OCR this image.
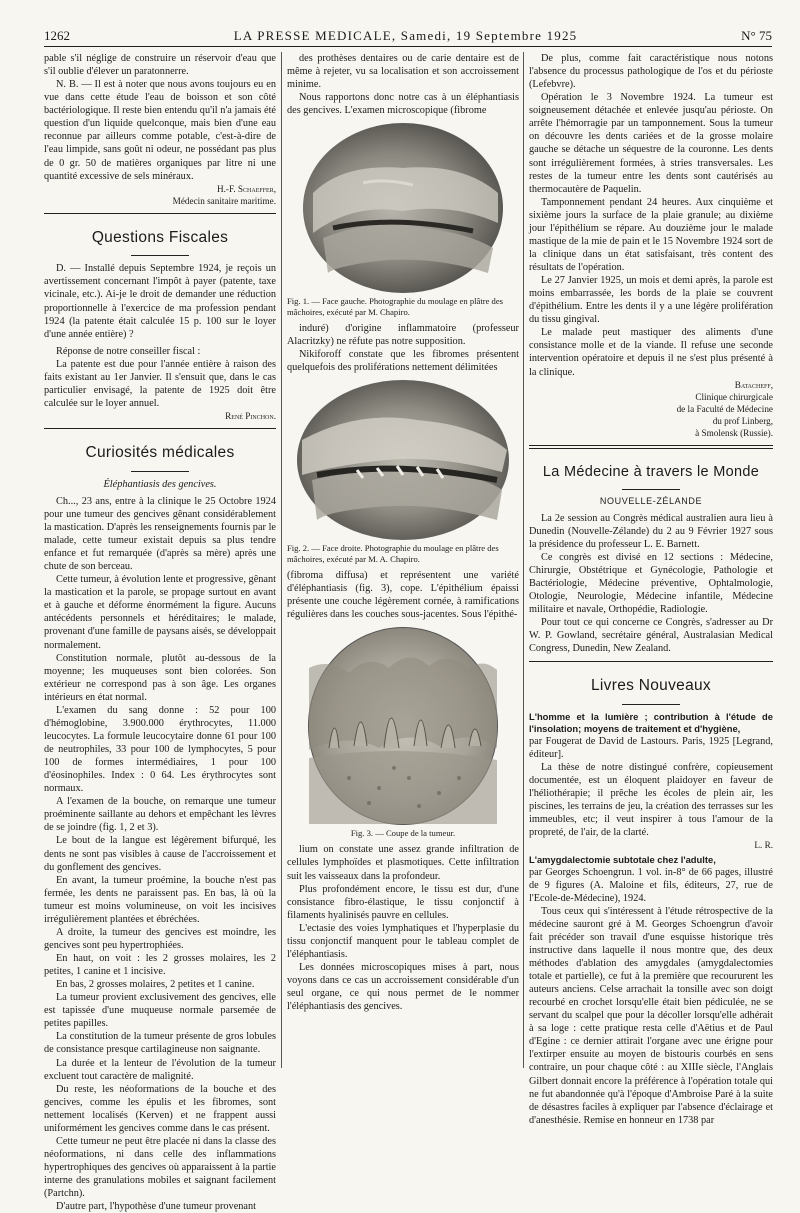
1262	LA PRESSE MEDICALE, Samedi, 19 Septembre 1925	N° 75

pable s'il néglige de construire un réservoir d'eau que s'il oublie d'élever un paratonnerre.

N. B. — Il est à noter que nous avons toujours eu en vue dans cette étude l'eau de boisson et son côté bactériologique. Il reste bien entendu qu'il n'a jamais été question d'un liquide quelconque, mais bien d'une eau reconnue par ailleurs comme potable, c'est-à-dire de l'eau limpide, sans goût ni odeur, ne possédant pas plus de 0 gr. 50 de matières organiques par litre ni une quantité excessive de sels minéraux.

H.-F. Schaeffer,
Médecin sanitaire maritime.
Questions Fiscales

D. — Installé depuis Septembre 1924, je reçois un avertissement concernant l'impôt à payer (patente, taxe vicinale, etc.). Ai-je le droit de demander une réduction proportionnelle à l'exercice de ma profession pendant 1924 (la patente était calculée 15 p. 100 sur le loyer d'une année entière) ?

Réponse de notre conseiller fiscal :

La patente est due pour l'année entière à raison des faits existant au 1er Janvier. Il s'ensuit que, dans le cas particulier envisagé, la patente de 1925 doit être calculée sur le loyer annuel.

René Pinchon.
Curiosités médicales
Éléphantiasis des gencives.

Ch..., 23 ans, entre à la clinique le 25 Octobre 1924 pour une tumeur des gencives gênant considérablement la mastication. D'après les renseignements fournis par le malade, cette tumeur existait depuis sa plus tendre enfance et fut remarquée (d'après sa mère) après une chute de son berceau.

Cette tumeur, à évolution lente et progressive, gênant la mastication et la parole, se propage surtout en avant et à gauche et déforme énormément la figure. Aucuns antécédents personnels et héréditaires; le malade, provenant d'une famille de paysans aisés, se développait normalement.

Constitution normale, plutôt au-dessous de la moyenne; les muqueuses sont bien colorées. Son extérieur ne correspond pas à son âge. Les organes intérieurs en état normal.

L'examen du sang donne : 52 pour 100 d'hémoglobine, 3.900.000 érythrocytes, 11.000 leucocytes. La formule leucocytaire donne 61 pour 100 de neutrophiles, 33 pour 100 de lymphocytes, 5 pour 100 de formes intermédiaires, 1 pour 100 d'éosinophiles. Index : 0 64. Les érythrocytes sont normaux.

A l'examen de la bouche, on remarque une tumeur proéminente saillante au dehors et empêchant les lèvres de se joindre (fig. 1, 2 et 3).

Le bout de la langue est légèrement bifurqué, les dents ne sont pas visibles à cause de l'accroissement et du gonflement des gencives.

En avant, la tumeur proémine, la bouche n'est pas fermée, les dents ne paraissent pas. En bas, là où la tumeur est moins volumineuse, on voit les incisives irrégulièrement plantées et ébréchées.

A droite, la tumeur des gencives est moindre, les gencives sont peu hypertrophiées.

En haut, on voit : les 2 grosses molaires, les 2 petites, 1 canine et 1 incisive.

En bas, 2 grosses molaires, 2 petites et 1 canine.

La tumeur provient exclusivement des gencives, elle est tapissée d'une muqueuse normale parsemée de petites papilles.

La constitution de la tumeur présente de gros lobules de consistance presque cartilagineuse non saignante.

La durée et la lenteur de l'évolution de la tumeur excluent tout caractère de malignité.

Du reste, les néoformations de la bouche et des gencives, comme les épulis et les fibromes, sont nettement localisés (Kerven) et ne frappent aussi uniformément les gencives comme dans le cas présent.

Cette tumeur ne peut être placée ni dans la classe des néoformations, ni dans celle des inflammations hypertrophiques des gencives où apparaissent à la partie interne des granulations mobiles et saignant facilement (Partchn).

D'autre part, l'hypothèse d'une tumeur provenant

des prothèses dentaires ou de carie dentaire est de même à rejeter, vu sa localisation et son accroissement minime.

Nous rapportons donc notre cas à un éléphantiasis des gencives. L'examen microscopique (fibrome

Fig. 1. — Face gauche. Photographie du moulage en plâtre des mâchoires, exécuté par M. Chapiro.

induré) d'origine inflammatoire (professeur Alacritzky) ne réfute pas notre supposition.

Nikiforoff constate que les fibromes présentent quelquefois des proliférations nettement délimitées

Fig. 2. — Face droite. Photographie du moulage en plâtre des mâchoires, exécuté par M. A. Chapiro.

(fibroma diffusa) et représentent une variété d'éléphantiasis (fig. 3), cope. L'épithélium épaissi présente une couche légèrement cornée, à ramifications régulières dans les couches sous-jacentes. Sous l'épithé-

Fig. 3. — Coupe de la tumeur.

lium on constate une assez grande infiltration de cellules lymphoïdes et plasmotiques. Cette infiltration suit les vaisseaux dans la profondeur.

Plus profondément encore, le tissu est dur, d'une consistance fibro-élastique, le tissu conjonctif à filaments hyalinisés pauvre en cellules.

L'ectasie des voies lymphatiques et l'hyperplasie du tissu conjonctif manquent pour le tableau complet de l'éléphantiasis.

Les données microscopiques mises à part, nous voyons dans ce cas un accroissement considérable d'un seul organe, ce qui nous permet de le nommer l'éléphantiasis des gencives.

De plus, comme fait caractéristique nous notons l'absence du processus pathologique de l'os et du périoste (Lefebvre).

Opération le 3 Novembre 1924. La tumeur est soigneusement détachée et enlevée jusqu'au périoste. On arrête l'hémorragie par un tamponnement. Sous la tumeur on découvre les dents cariées et de la grosse molaire gauche se détache un séquestre de la couronne. Les dents sont irrégulièrement formées, à stries transversales. Les restes de la tumeur entre les dents sont cautérisés au thermocautère de Paquelin.

Tamponnement pendant 24 heures. Aux cinquième et sixième jours la surface de la plaie granule; au dixième jour l'épithélium se répare. Au douzième jour le malade mastique de la mie de pain et le 15 Novembre 1924 sort de la clinique dans un état satisfaisant, très content des résultats de l'opération.

Le 27 Janvier 1925, un mois et demi après, la parole est moins embarrassée, les bords de la plaie se couvrent d'épithélium. Entre les dents il y a une légère prolifération du tissu gingival.

Le malade peut mastiquer des aliments d'une consistance molle et de la viande. Il refuse une seconde intervention opératoire et depuis il ne s'est plus présenté à la clinique.

Batacheff,
Clinique chirurgicale
de la Faculté de Médecine
du prof Linberg,
à Smolensk (Russie).
La Médecine à travers le Monde
NOUVELLE-ZÉLANDE

La 2e session au Congrès médical australien aura lieu à Dunedin (Nouvelle-Zélande) du 2 au 9 Février 1927 sous la présidence du professeur L. E. Barnett.

Ce congrès est divisé en 12 sections : Médecine, Chirurgie, Obstétrique et Gynécologie, Pathologie et Bactériologie, Médecine préventive, Ophtalmologie, Otologie, Neurologie, Médecine infantile, Médecine militaire et navale, Orthopédie, Radiologie.

Pour tout ce qui concerne ce Congrès, s'adresser au Dr W. P. Gowland, secrétaire général, Australasian Medical Congress, Dunedin, New Zealand.

Livres Nouveaux

L'homme et la lumière ; contribution à l'étude de l'insolation; moyens de traitement et d'hygiène,

par Fougerat de David de Lastours. Paris, 1925 [Legrand, éditeur].

La thèse de notre distingué confrère, copieusement documentée, est un éloquent plaidoyer en faveur de l'héliothérapie; il prêche les écoles de plein air, les piscines, les terrains de jeu, la création des terrasses sur les immeubles, etc; il veut inspirer à tous l'amour de la propreté, de l'air, de la clarté.

L. R.

L'amygdalectomie subtotale chez l'adulte,

par Georges Schoengrun. 1 vol. in-8° de 66 pages, illustré de 9 figures (A. Maloine et fils, éditeurs, 27, rue de l'Ecole-de-Médecine), 1924.

Tous ceux qui s'intéressent à l'étude rétrospective de la médecine sauront gré à M. Georges Schoengrun d'avoir fait précéder son travail d'une esquisse historique très instructive dans laquelle il nous montre que, des deux méthodes d'ablation des amygdales (amygdalectomies totale et partielle), ce fut à la première que recoururent les auteurs anciens. Celse arrachait la tonsille avec son doigt recourbé en crochet lorsqu'elle était bien pédiculée, ne se servant du scalpel que pour la décoller lorsqu'elle adhérait à sa loge : cette pratique resta celle d'Aëtius et de Paul d'Egine : ce dernier attirait l'organe avec une érigne pour l'extirper ensuite au moyen de bistouris courbés en sens contraire, un pour chaque côté : au XIIIe siècle, l'Anglais Gilbert donnait encore la préférence à l'opération totale qui ne fut abandonnée qu'à l'époque d'Ambroise Paré à la suite de désastres faciles à expliquer par l'absence d'éclairage et d'anesthésie. Remise en honneur en 1738 par
